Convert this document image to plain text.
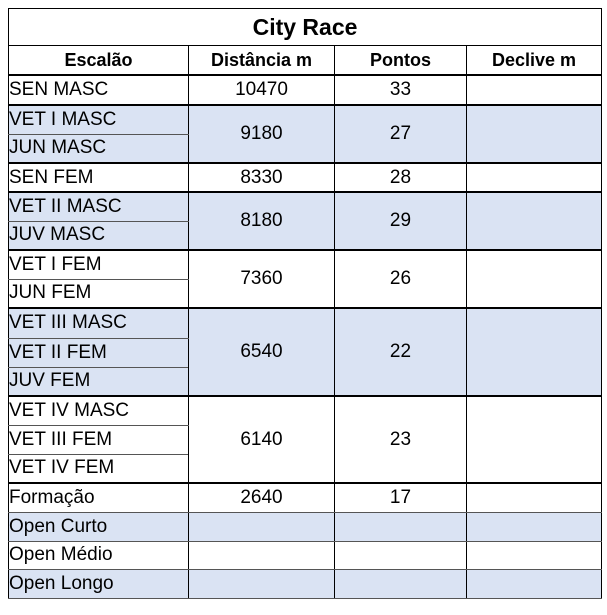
City Race			
Escalão	Distância m	Pontos	Declive m
SEN MASC	10470	33	
VET I MASC	9180	27	
JUN MASC			
SEN FEM	8330	28	
VET II MASC	8180	29	
JUV MASC			
VET I FEM	7360	26	
JUN FEM			
VET III MASC	6540	22	
VET II FEM			
JUV FEM			
VET IV MASC	6140	23	
VET III FEM			
VET IV FEM			
Formação	2640	17	
Open Curto			
Open Médio			
Open Longo			
